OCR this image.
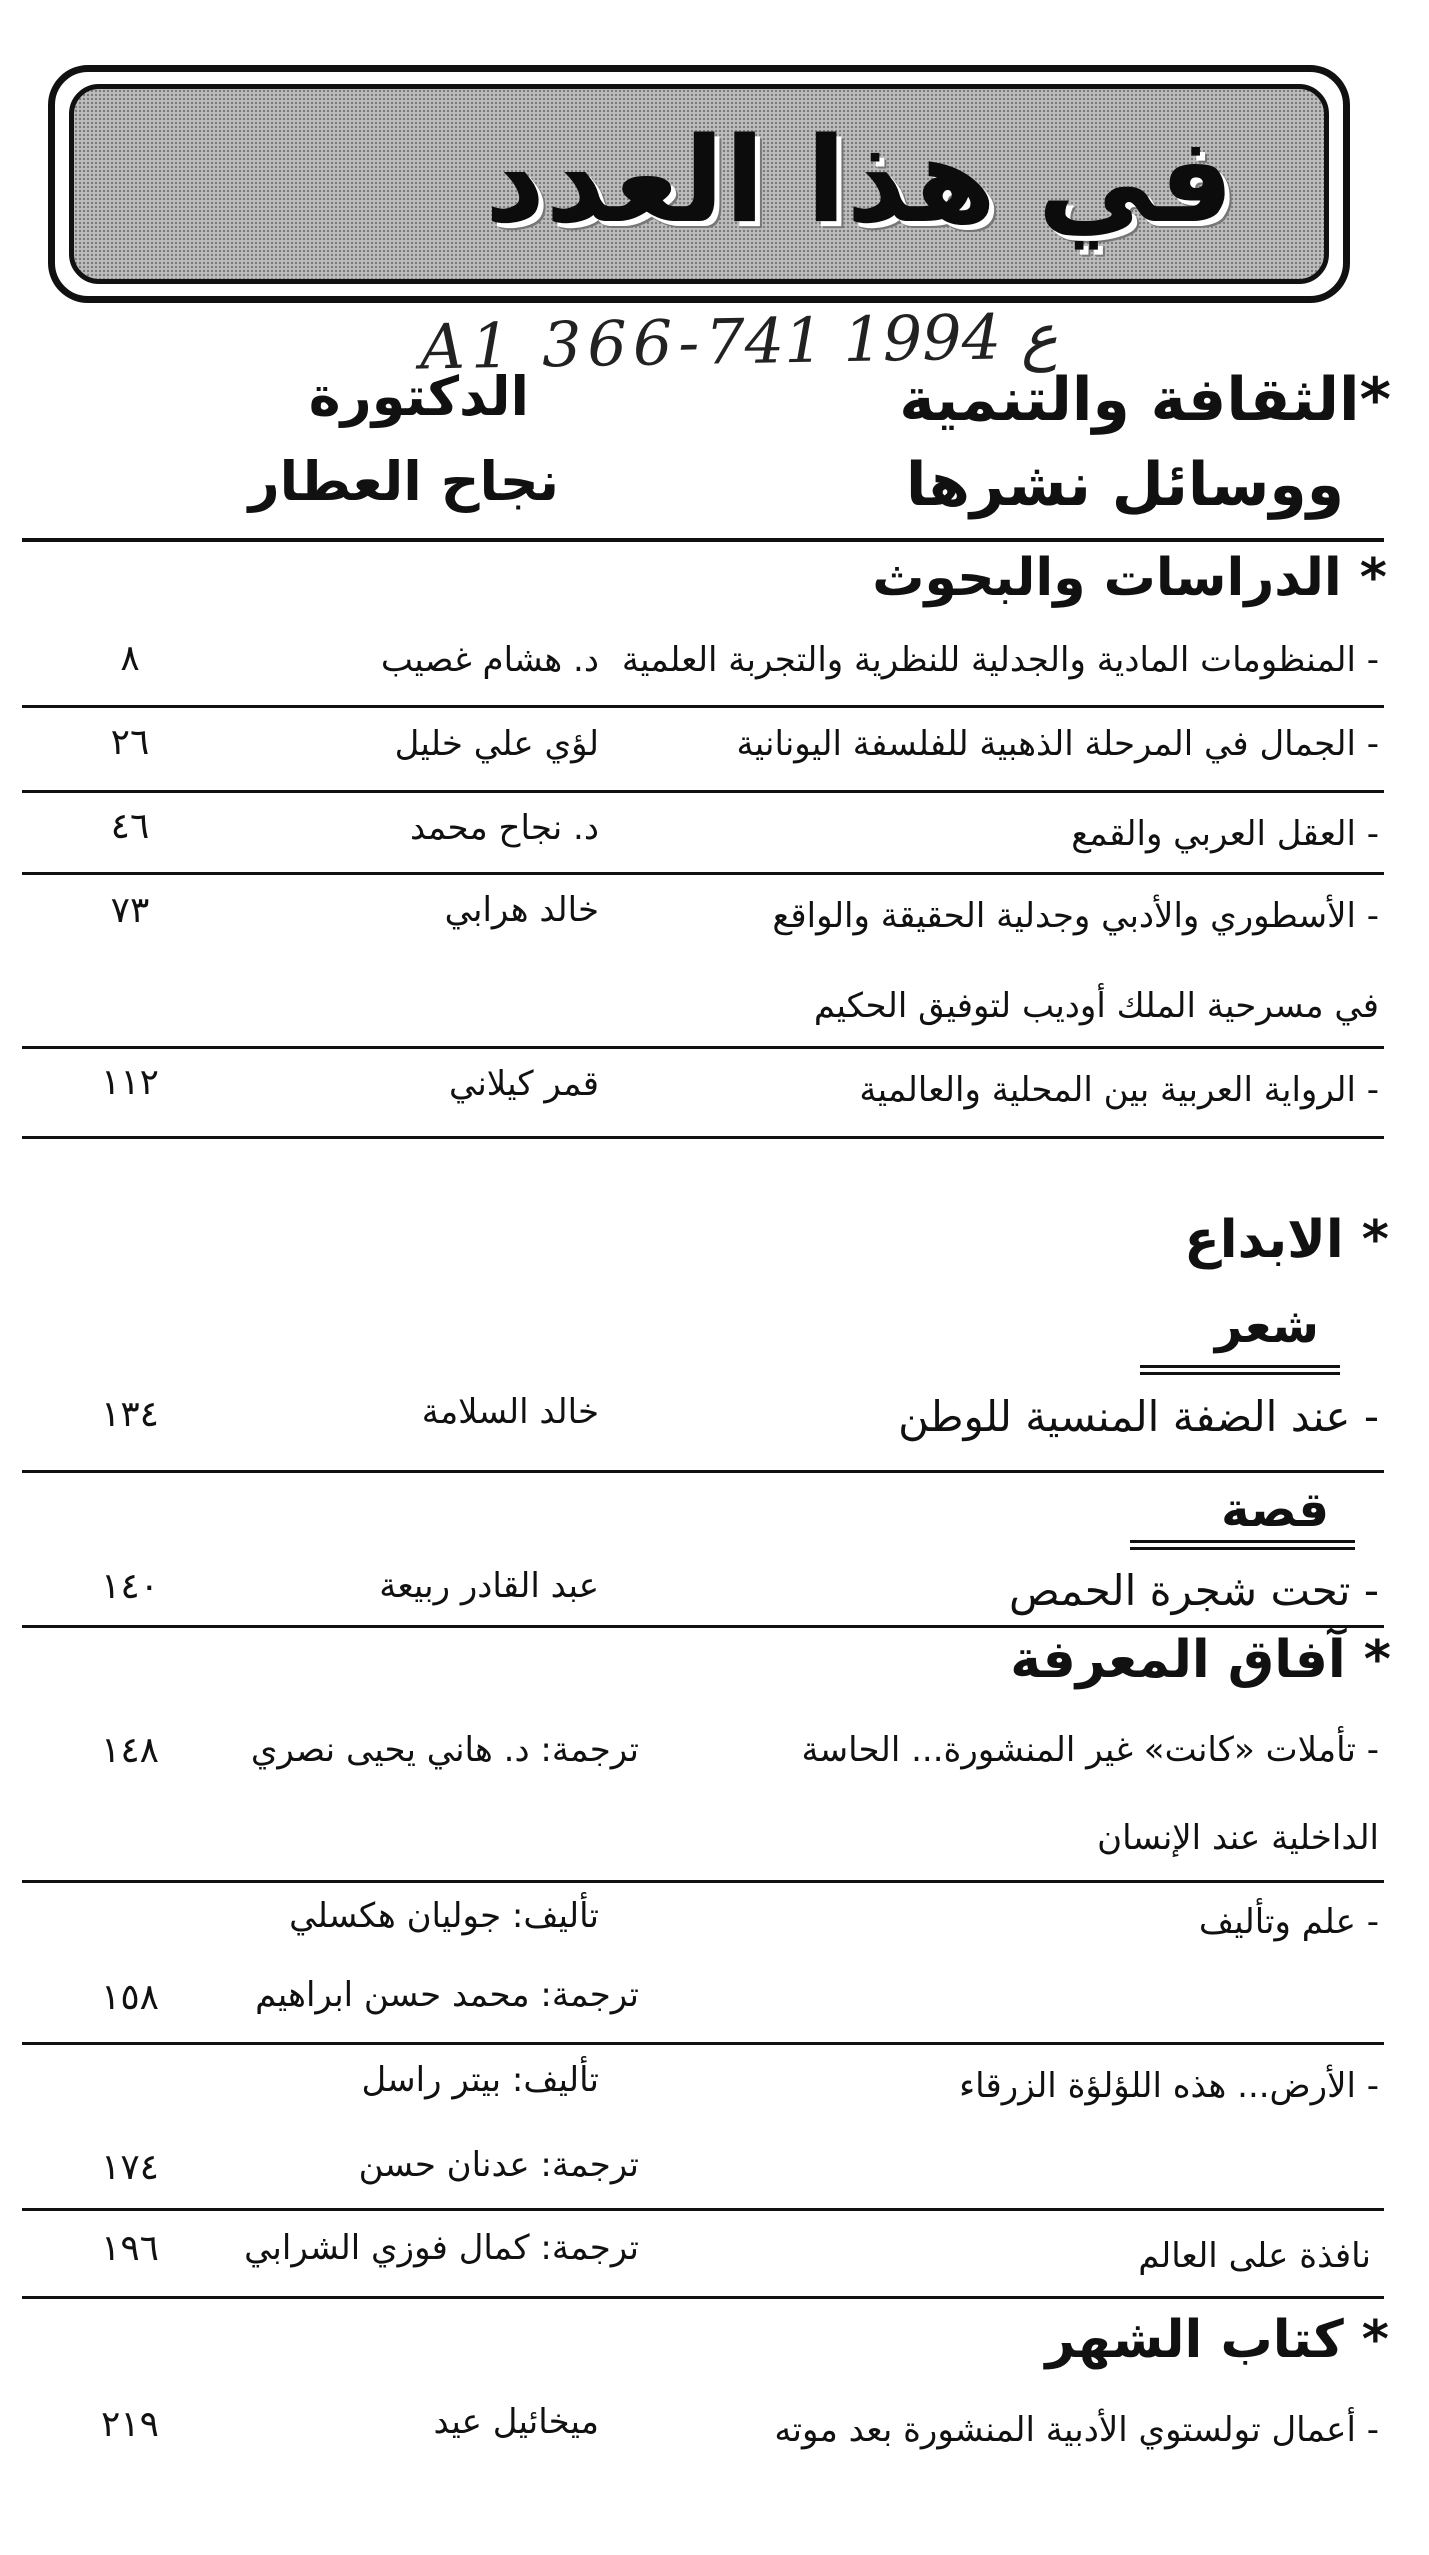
في هذا العدد
A1 366-ع 1994 741
*الثقافة والتنمية
ووسائل نشرها
الدكتورة
نجاح العطار
* الدراسات والبحوث
- المنظومات المادية والجدلية للنظرية والتجربة العلمية
د. هشام غصيب
٨
- الجمال في المرحلة الذهبية للفلسفة اليونانية
لؤي علي خليل
٢٦
- العقل العربي والقمع
د. نجاح محمد
٤٦
- الأسطوري والأدبي وجدلية الحقيقة والواقع
في مسرحية الملك أوديب لتوفيق الحكيم
خالد هرابي
٧٣
- الرواية العربية بين المحلية والعالمية
قمر كيلاني
١١٢
* الابداع
شعر
- عند الضفة المنسية للوطن
خالد السلامة
١٣٤
قصة
- تحت شجرة الحمص
عبد القادر ربيعة
١٤٠
* آفاق المعرفة
- تأملات «كانت» غير المنشورة... الحاسة
الداخلية عند الإنسان
ترجمة: د. هاني يحيى نصري
١٤٨
- علم وتأليف
تأليف: جوليان هكسلي
ترجمة: محمد حسن ابراهيم
١٥٨
- الأرض... هذه اللؤلؤة الزرقاء
تأليف: بيتر راسل
ترجمة: عدنان حسن
١٧٤
نافذة على العالم
ترجمة: كمال فوزي الشرابي
١٩٦
* كتاب الشهر
- أعمال تولستوي الأدبية المنشورة بعد موته
ميخائيل عيد
٢١٩
